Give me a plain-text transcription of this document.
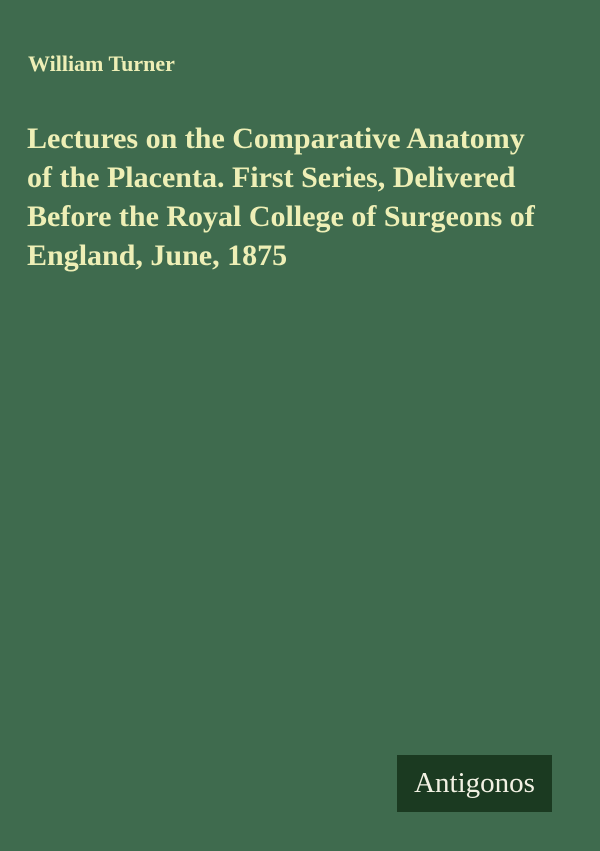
William Turner
Lectures on the Comparative Anatomy
of the Placenta. First Series, Delivered
Before the Royal College of Surgeons of
England, June, 1875
Antigonos
